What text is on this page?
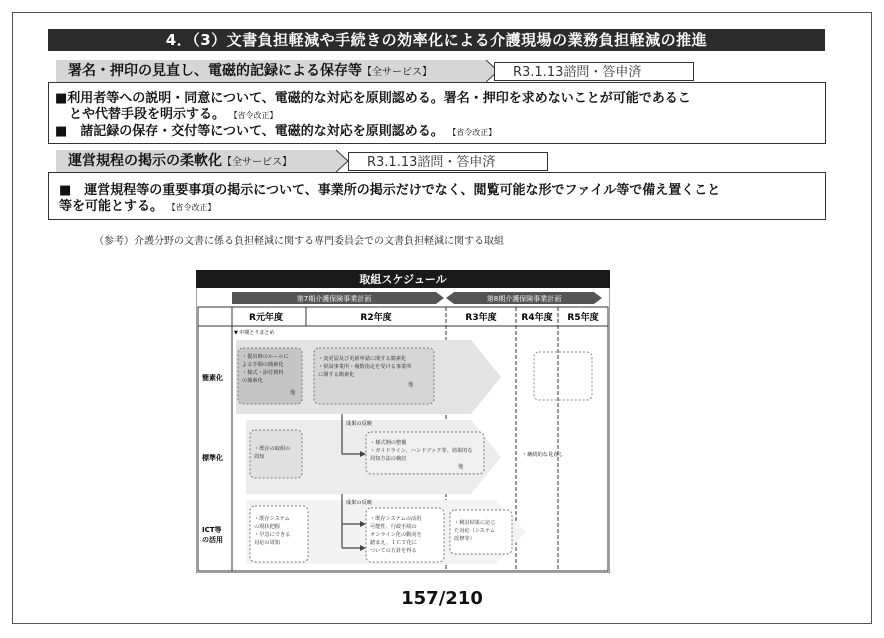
4．（3）文書負担軽減や手続きの効率化による介護現場の業務負担軽減の推進
署名・押印の見直し、電磁的記録による保存等【全サービス】	R3.1.13諮問・答申済

■利用者等への説明・同意について、電磁的な対応を原則認める。署名・押印を求めないことが可能であるこ

とや代替手段を明示する。 【省令改正】

■　諸記録の保存・交付等について、電磁的な対応を原則認める。 【省令改正】

運営規程の掲示の柔軟化【全サービス】	R3.1.13諮問・答申済

■　運営規程等の重要事項の掲示について、事業所の掲示だけでなく、閲覧可能な形でファイル等で備え置くこと

等を可能とする。 【省令改正】

（参考）介護分野の文書に係る負担軽減に関する専門委員会での文書負担軽減に関する取組
取組スケジュール
第7期介護保険事業計画	第8期介護保険事業計画
R元年度	R2年度	R3年度	R4年度 R5年度
▼ 中間とりまとめ
・提出時のルールに よる手間の簡素化 ・様式・添付資料 の簡素化 他
・変更届及び更新申請に関する簡素化 ・併設事業所・複数指定を受ける事業所 に関する簡素化 他
簡素化
・既存の取組の 周知
成果の反映
・様式例の整備 ・ガイドライン、ハンドブック等、効果的な 周知方法の検討 他
・継続的な見直し
標準化
・既存システム の現状把握 ・早急にできる 対応の周知
成果の反映
・既存システムの活用 可能性、行政手続の オンライン化の動向を 踏まえ、ＩＣＴ化に ついての方針を得る
・検討結果に応じ た対応（システム 改修等）
ICT等 の活用
157/210
